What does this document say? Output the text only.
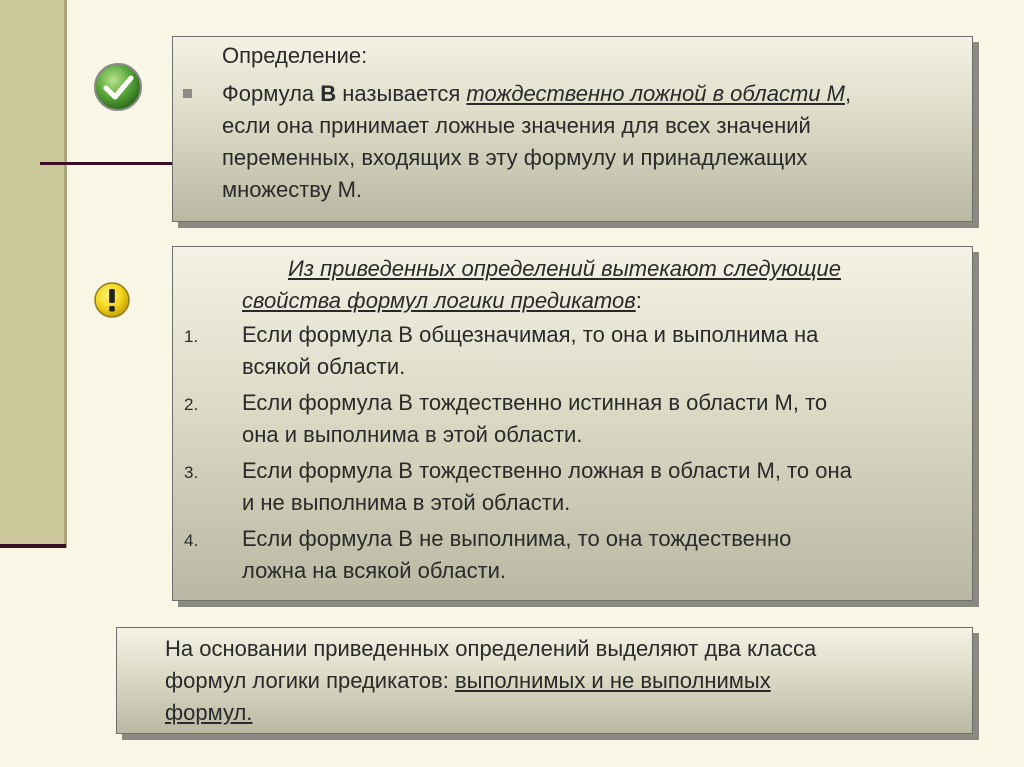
Определение:
Формула В называется тождественно ложной в области М,
если она принимает ложные значения для всех значений
переменных, входящих в эту формулу и принадлежащих
множеству М.
Из приведенных определений вытекают следующие
свойства формул логики предикатов:
1. Если формула В общезначимая, то она и выполнима на
всякой области.
2. Если формула В тождественно истинная в области М, то
она и выполнима в этой области.
3. Если формула В тождественно ложная в области М, то она
и не выполнима в этой области.
4. Если формула В не выполнима, то она тождественно
ложна на всякой области.
На основании приведенных определений выделяют два класса
формул логики предикатов: выполнимых и не выполнимых
формул.
